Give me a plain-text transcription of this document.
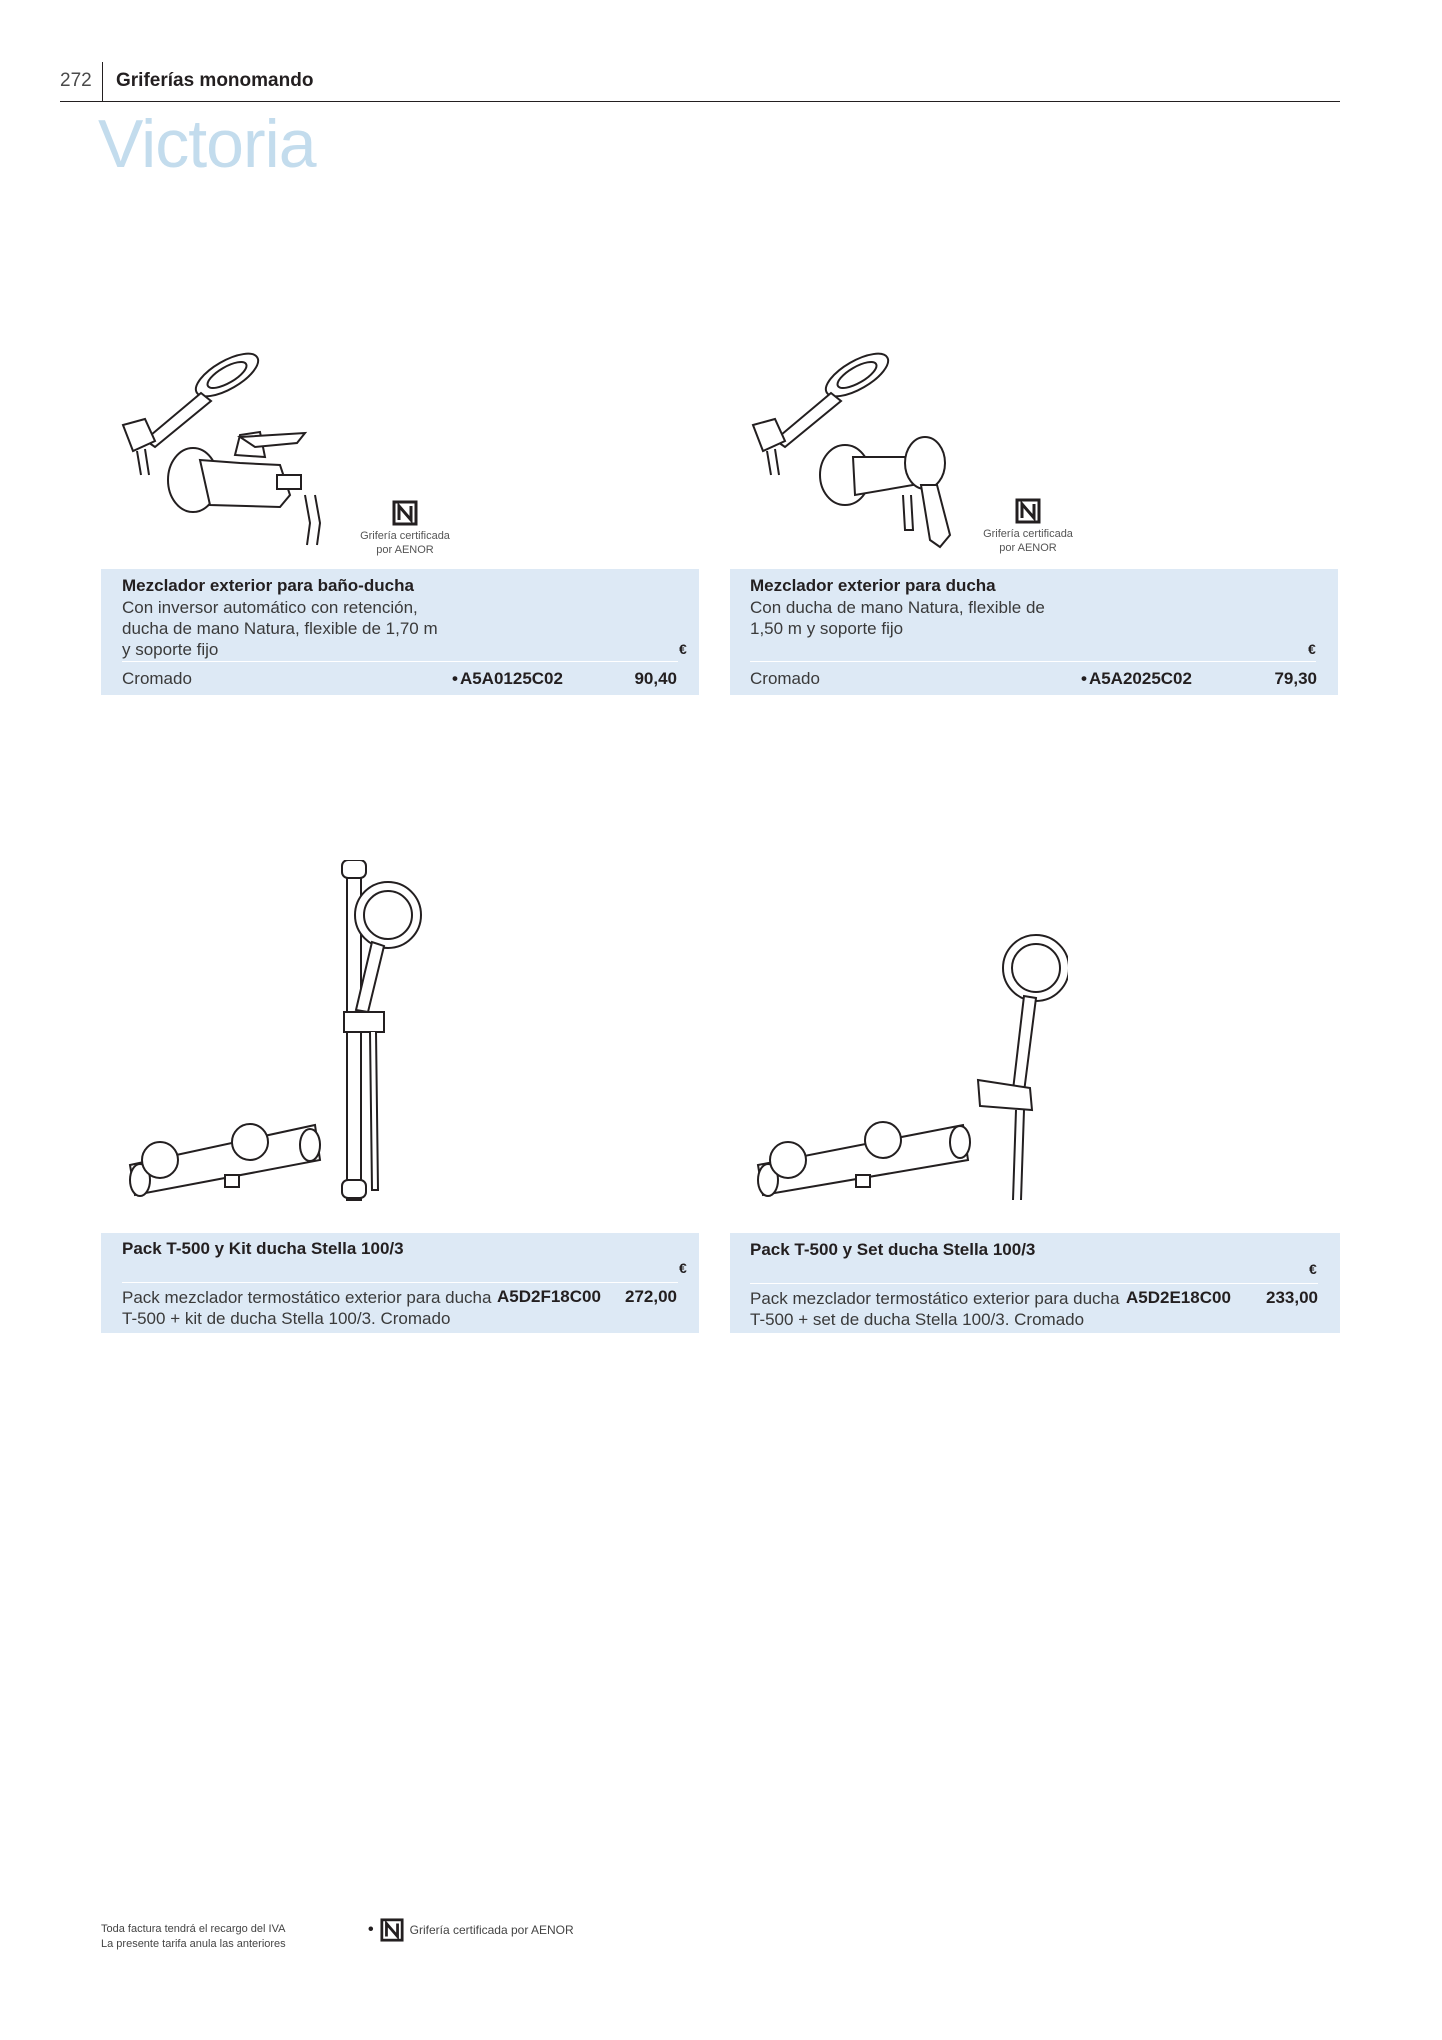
272 Griferías monomando
Victoria
Grifería certificada
por AENOR
Grifería certificada
por AENOR
Mezclador exterior para baño-ducha
Con inversor automático con retención,
ducha de mano Natura, flexible de 1,70 m
y soporte fijo	€
Cromado	• A5A0125C02	90,40
Mezclador exterior para ducha
Con ducha de mano Natura, flexible de
1,50 m y soporte fijo
€
Cromado	• A5A2025C02	79,30
Pack T-500 y Kit ducha Stella 100/3
€
Pack mezclador termostático exterior para ducha
T-500 + kit de ducha Stella 100/3. Cromado
A5D2F18C00	272,00
Pack T-500 y Set ducha Stella 100/3
€
Pack mezclador termostático exterior para ducha
T-500 + set de ducha Stella 100/3. Cromado
A5D2E18C00	233,00
Toda factura tendrá el recargo del IVA
La presente tarifa anula las anteriores
•	Grifería certificada por AENOR
